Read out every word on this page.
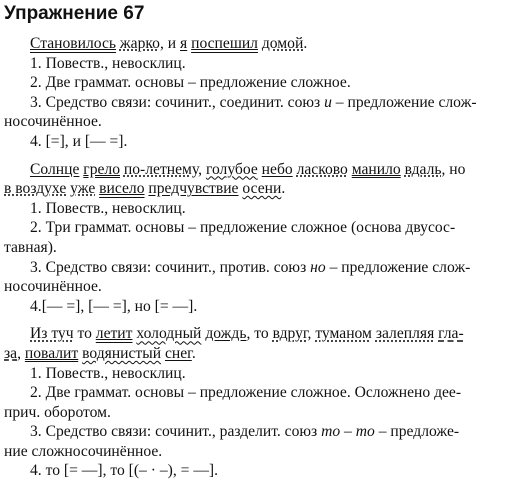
Упражнение 67
Становилось жарко, и я поспешил домой.
1. Повеств., невосклиц.
2. Две граммат. основы – предложение сложное.
3. Средство связи: сочинит., соединит. союз и – предложение слож-
носочинённое.
4. [=], и [— =].
Солнце грело по-летнему, голубое небо ласково манило вдаль, но
в воздухе уже висело предчувствие осени.
1. Повеств., невосклиц.
2. Три граммат. основы – предложение сложное (основа двусос-
тавная).
3. Средство связи: сочинит., против. союз но – предложение слож-
носочинённое.
4.[— =], [— =], но [= —].
Из туч то летит холодный дождь, то вдруг, туманом залепляя гла-
за, повалит водянистый снег.
1. Повеств., невосклиц.
2. Две граммат. основы – предложение сложное. Осложнено дее-
прич. оборотом.
3. Средство связи: сочинит., разделит. союз то – то – предложе-
ние сложносочинённое.
4. то [= —], то [(– · –), = —].
